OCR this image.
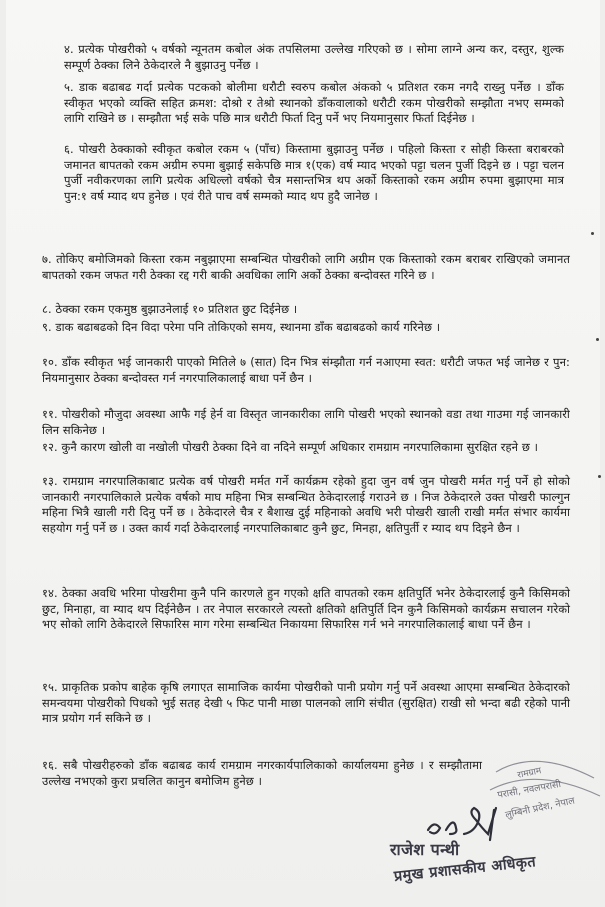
४. प्रत्येक पोखरीको ५ वर्षको न्यूनतम कबोल अंक तपसिलमा उल्लेख गरिएको छ । सोमा लाग्ने अन्य कर, दस्तुर, शुल्क सम्पूर्ण ठेक्का लिने ठेकेदारले नै बुझाउनु पर्नेछ ।

५. डाक बढाबढ गर्दा प्रत्येक पटकको बोलीमा धरौटी स्वरुप कबोल अंकको ५ प्रतिशत रकम नगदै राख्नु पर्नेछ । डाँक स्वीकृत भएको व्यक्ति सहित क्रमश: दोश्रो र तेश्रो स्थानको डाँकवालाको धरौटी रकम पोखरीको सम्झौता नभए सम्मको लागि राखिने छ । सम्झौता भई सके पछि मात्र धरौटी फिर्ता दिनु पर्ने भए नियमानुसार फिर्ता दिईनेछ ।

६. पोखरी ठेक्काको स्वीकृत कबोल रकम ५ (पाँच) किस्तामा बुझाउनु पर्नेछ । पहिलो किस्ता र सोही किस्ता बराबरको जमानत बापतको रकम अग्रीम रुपमा बुझाई सकेपछि मात्र १(एक) वर्ष म्याद भएको पट्टा चलन पुर्जी दिइने छ । पट्टा चलन पुर्जी नवीकरणका लागि प्रत्येक अधिल्लो वर्षको चैत्र मसान्तभित्र थप अर्को किस्ताको रकम अग्रीम रुपमा बुझाएमा मात्र पुन:१ वर्ष म्याद थप हुनेछ । एवं रीते पाच वर्ष सम्मको म्याद थप हुदै जानेछ ।

७. तोकिए बमोजिमको किस्ता रकम नबुझाएमा सम्बन्धित पोखरीको लागि अग्रीम एक किस्ताको रकम बराबर राखिएको जमानत बापतको रकम जफत गरी ठेक्का रद्द गरी बाकी अवधिका लागि अर्को ठेक्का बन्दोवस्त गरिने छ ।

८. ठेक्का रकम एकमुष्ठ बुझाउनेलाई १० प्रतिशत छुट दिईनेछ ।

९. डाक बढाबढको दिन विदा परेमा पनि तोकिएको समय, स्थानमा डाँक बढाबढको कार्य गरिनेछ ।

१०. डाँक स्वीकृत भई जानकारी पाएको मितिले ७ (सात) दिन भित्र संम्झौता गर्न नआएमा स्वत: धरौटी जफत भई जानेछ र पुन: नियमानुसार ठेक्का बन्दोवस्त गर्न नगरपालिकालाई बाधा पर्ने छैन ।

११. पोखरीको मौजुदा अवस्था आफै गई हेर्न वा विस्तृत जानकारीका लागि पोखरी भएको स्थानको वडा तथा गाउमा गई जानकारी लिन सकिनेछ ।

१२. कुनै कारण खोली वा नखोली पोखरी ठेक्का दिने वा नदिने सम्पूर्ण अधिकार रामग्राम नगरपालिकामा सुरक्षित रहने छ ।

१३. रामग्राम नगरपालिकाबाट प्रत्येक वर्ष पोखरी मर्मत गर्ने कार्यक्रम रहेको हुदा जुन वर्ष जुन पोखरी मर्मत गर्नु पर्ने हो सोको जानकारी नगरपालिकाले प्रत्येक वर्षको माघ महिना भित्र सम्बन्धित ठेकेदारलाई गराउने छ । निज ठेकेदारले उक्त पोखरी फाल्गुन महिना भित्रै खाली गरी दिनु पर्ने छ । ठेकेदारले चैत्र र बैशाख दुई महिनाको अवधि भरी पोखरी खाली राखी मर्मत संभार कार्यमा सहयोग गर्नु पर्ने छ । उक्त कार्य गर्दा ठेकेदारलाई नगरपालिकाबाट कुनै छुट, मिनहा, क्षतिपुर्ती र म्याद थप दिइने छैन ।

१४. ठेक्का अवधि भरिमा पोखरीमा कुनै पनि कारणले हुन गएको क्षति वापतको रकम क्षतिपुर्ति भनेर ठेकेदारलाई कुनै किसिमको छुट, मिनाहा, वा म्याद थप दिईनेछैन । तर नेपाल सरकारले त्यस्तो क्षतिको क्षतिपुर्ति दिन कुनै किसिमको कार्यक्रम सचालन गरेको भए सोको लागि ठेकेदारले सिफारिस माग गरेमा सम्बन्धित निकायमा सिफारिस गर्न भने नगरपालिकालाई बाधा पर्ने छैन ।

१५. प्राकृतिक प्रकोप बाहेक कृषि लगाएत सामाजिक कार्यमा पोखरीको पानी प्रयोग गर्नु पर्ने अवस्था आएमा सम्बन्धित ठेकेदारको समन्वयमा पोखरीको पिधको भुई सतह देखी ५ फिट पानी माछा पालनको लागि संचीत (सुरक्षित) राखी सो भन्दा बढी रहेको पानी मात्र प्रयोग गर्न सकिने छ ।

१६. सबै पोखरीहरुको डाँक बढाबढ कार्य रामग्राम नगरकार्यपालिकाको कार्यालयमा हुनेछ । र सम्झौतामा उल्लेख नभएको कुरा प्रचलित कानुन बमोजिम हुनेछ ।	रामग्राम
परासी, नवलपरासी
लुम्बिनी प्रदेश, नेपाल
राजेश पन्थी
प्रमुख प्रशासकीय अधिकृत
